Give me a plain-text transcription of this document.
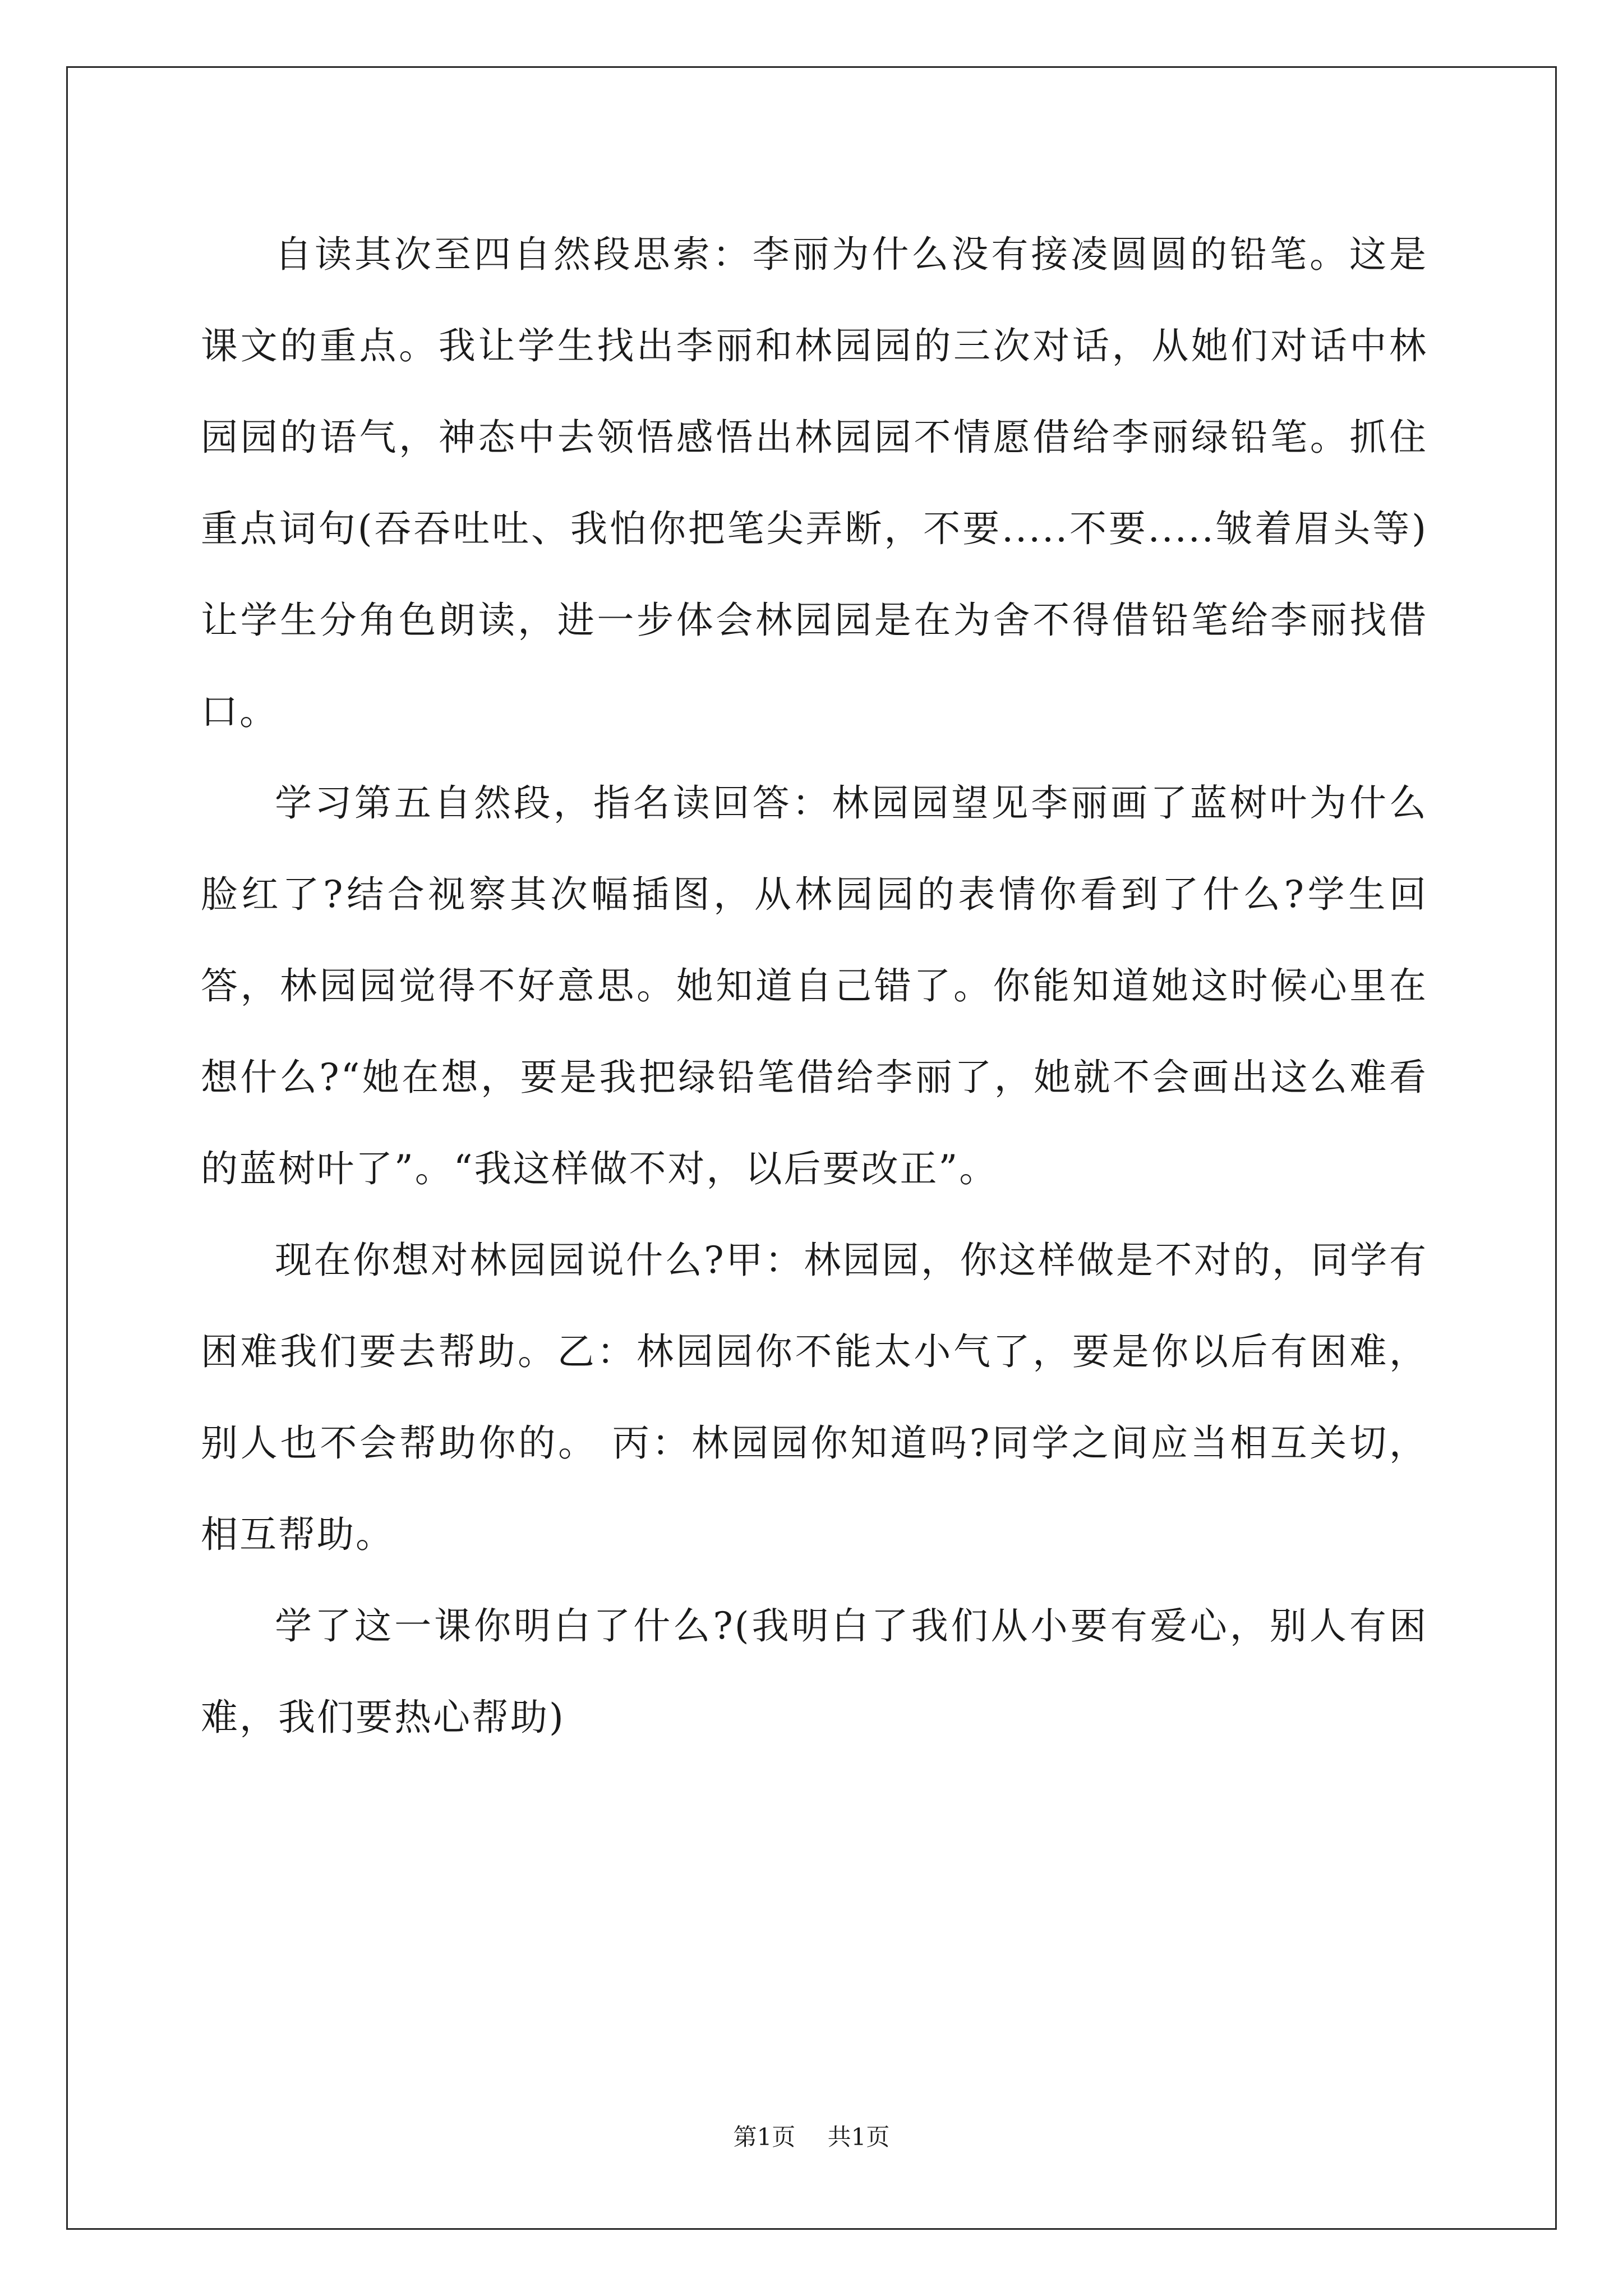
自读其次至四自然段思索：李丽为什么没有接凌圆圆的铅笔。这是课文的重点。我让学生找出李丽和林园园的三次对话，从她们对话中林园园的语气，神态中去领悟感悟出林园园不情愿借给李丽绿铅笔。抓住重点词句(吞吞吐吐、我怕你把笔尖弄断，不要.....不要.....皱着眉头等)让学生分角色朗读，进一步体会林园园是在为舍不得借铅笔给李丽找借口。

学习第五自然段，指名读回答：林园园望见李丽画了蓝树叶为什么脸红了?结合视察其次幅插图，从林园园的表情你看到了什么?学生回答，林园园觉得不好意思。她知道自己错了。你能知道她这时候心里在想什么?“她在想，要是我把绿铅笔借给李丽了，她就不会画出这么难看的蓝树叶了”。“我这样做不对，以后要改正”。

现在你想对林园园说什么?甲：林园园，你这样做是不对的，同学有困难我们要去帮助。乙：林园园你不能太小气了，要是你以后有困难，别人也不会帮助你的。 丙：林园园你知道吗?同学之间应当相互关切，相互帮助。

学了这一课你明白了什么?(我明白了我们从小要有爱心，别人有困难，我们要热心帮助)

第1页 共1页
